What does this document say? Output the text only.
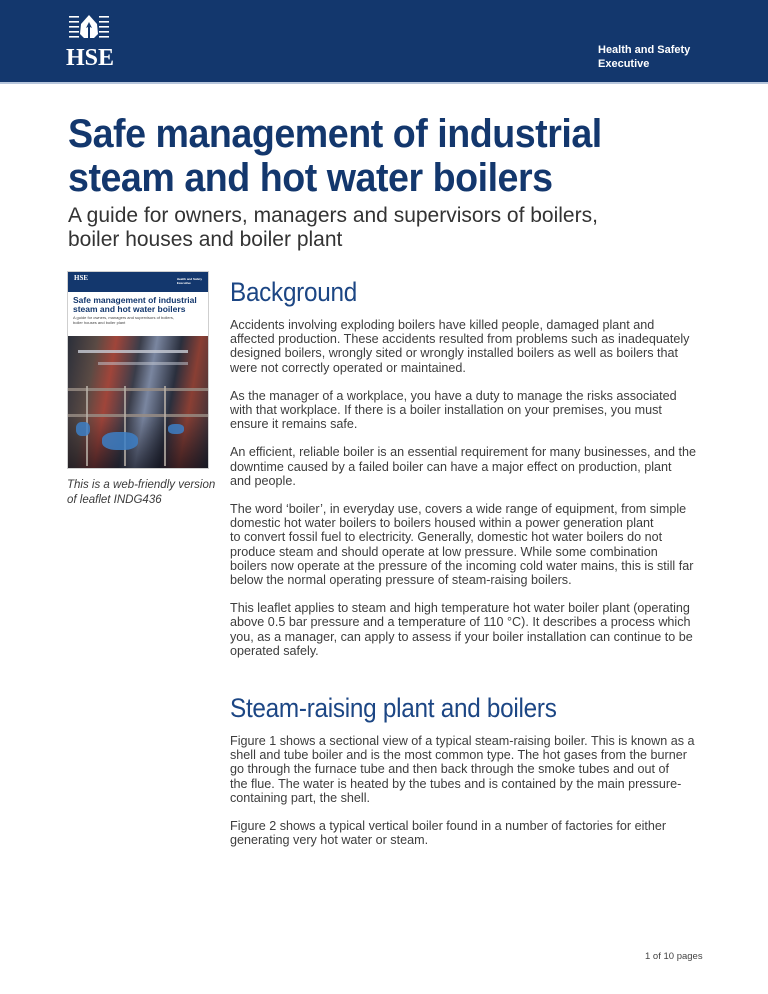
HSE	Health and Safety
Executive
Safe management of industrial
steam and hot water boilers
A guide for owners, managers and supervisors of boilers,
boiler houses and boiler plant
HSE	Health and Safety
Executive
Safe management of industrial
steam and hot water boilers
A guide for owners, managers and supervisors of boilers,
boiler houses and boiler plant
This is a web-friendly version
of leaflet INDG436
Background

Accidents involving exploding boilers have killed people, damaged plant and
affected production. These accidents resulted from problems such as inadequately
designed boilers, wrongly sited or wrongly installed boilers as well as boilers that
were not correctly operated or maintained.

As the manager of a workplace, you have a duty to manage the risks associated
with that workplace. If there is a boiler installation on your premises, you must
ensure it remains safe.

An efficient, reliable boiler is an essential requirement for many businesses, and the
downtime caused by a failed boiler can have a major effect on production, plant
and people.

The word ‘boiler’, in everyday use, covers a wide range of equipment, from simple
domestic hot water boilers to boilers housed within a power generation plant
to convert fossil fuel to electricity. Generally, domestic hot water boilers do not
produce steam and should operate at low pressure. While some combination
boilers now operate at the pressure of the incoming cold water mains, this is still far
below the normal operating pressure of steam-raising boilers.

This leaflet applies to steam and high temperature hot water boiler plant (operating
above 0.5 bar pressure and a temperature of 110 °C). It describes a process which
you, as a manager, can apply to assess if your boiler installation can continue to be
operated safely.

Steam-raising plant and boilers

Figure 1 shows a sectional view of a typical steam-raising boiler. This is known as a
shell and tube boiler and is the most common type. The hot gases from the burner
go through the furnace tube and then back through the smoke tubes and out of
the flue. The water is heated by the tubes and is contained by the main pressure-
containing part, the shell.

Figure 2 shows a typical vertical boiler found in a number of factories for either
generating very hot water or steam.

1 of 10 pages
